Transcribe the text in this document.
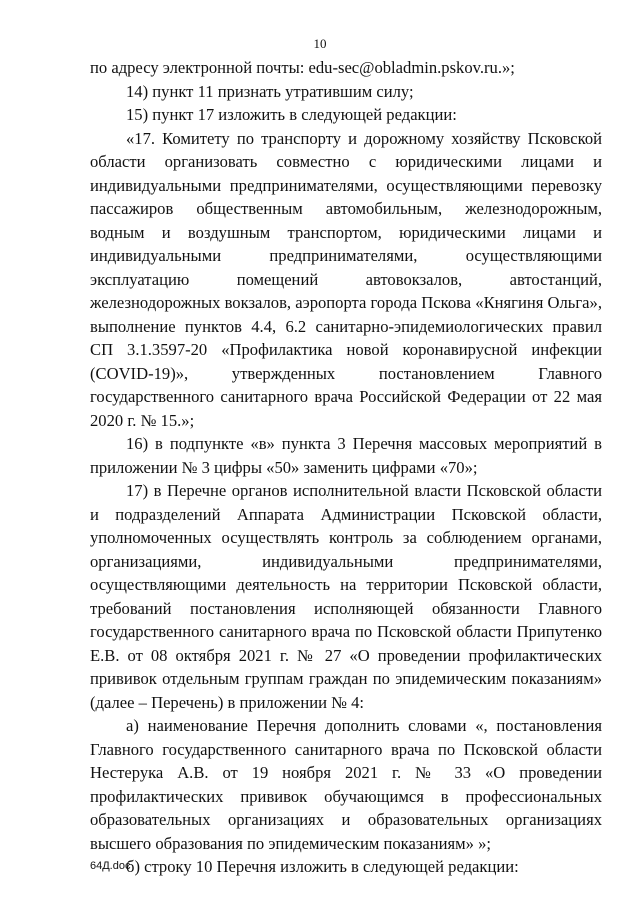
10

по адресу электронной почты: edu-sec@obladmin.pskov.ru.»;

14) пункт 11 признать утратившим силу;

15) пункт 17 изложить в следующей редакции:

«17. Комитету по транспорту и дорожному хозяйству Псковской области организовать совместно с юридическими лицами и индивидуальными предпринимателями, осуществляющими перевозку пассажиров общественным автомобильным, железнодорожным, водным и воздушным транспортом, юридическими лицами и индивидуальными предпринимателями, осуществляющими эксплуатацию помещений автовокзалов, автостанций, железнодорожных вокзалов, аэропорта города Пскова «Княгиня Ольга», выполнение пунктов 4.4, 6.2 санитарно-эпидемиологических правил СП 3.1.3597-20 «Профилактика новой коронавирусной инфекции (COVID-19)», утвержденных постановлением Главного государственного санитарного врача Российской Федерации от 22 мая 2020 г. № 15.»;

16) в подпункте «в» пункта 3 Перечня массовых мероприятий в приложении № 3 цифры «50» заменить цифрами «70»;

17) в Перечне органов исполнительной власти Псковской области и подразделений Аппарата Администрации Псковской области, уполномоченных осуществлять контроль за соблюдением органами, организациями, индивидуальными предпринимателями, осуществляющими деятельность на территории Псковской области, требований постановления исполняющей обязанности Главного государственного санитарного врача по Псковской области Припутенко Е.В. от 08 октября 2021 г. № 27 «О проведении профилактических прививок отдельным группам граждан по эпидемическим показаниям» (далее – Перечень) в приложении № 4:

а) наименование Перечня дополнить словами «, постановления Главного государственного санитарного врача по Псковской области Нестерука А.В. от 19 ноября 2021 г. № 33 «О проведении профилактических прививок обучающимся в профессиональных образовательных организациях и образовательных организациях высшего образования по эпидемическим показаниям» »;

б) строку 10 Перечня изложить в следующей редакции:

64Д.doc
